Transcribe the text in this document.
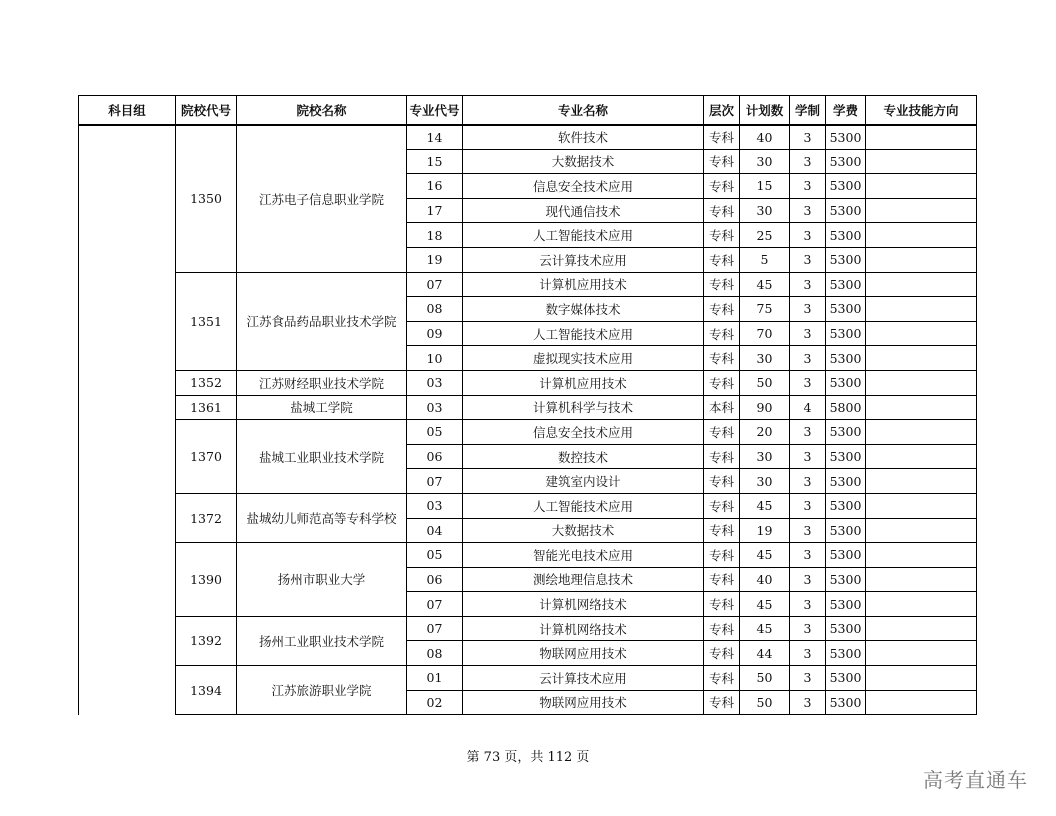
科目组	院校代号	院校名称	专业代号	专业名称	层次	计划数	学制	学费	专业技能方向
	1350	江苏电子信息职业学院	14	软件技术	专科	40	3	5300	
			15	大数据技术	专科	30	3	5300	
			16	信息安全技术应用	专科	15	3	5300	
			17	现代通信技术	专科	30	3	5300	
			18	人工智能技术应用	专科	25	3	5300	
			19	云计算技术应用	专科	5	3	5300	
	1351	江苏食品药品职业技术学院	07	计算机应用技术	专科	45	3	5300	
			08	数字媒体技术	专科	75	3	5300	
			09	人工智能技术应用	专科	70	3	5300	
			10	虚拟现实技术应用	专科	30	3	5300	
	1352	江苏财经职业技术学院	03	计算机应用技术	专科	50	3	5300	
	1361	盐城工学院	03	计算机科学与技术	本科	90	4	5800	
	1370	盐城工业职业技术学院	05	信息安全技术应用	专科	20	3	5300	
			06	数控技术	专科	30	3	5300	
			07	建筑室内设计	专科	30	3	5300	
	1372	盐城幼儿师范高等专科学校	03	人工智能技术应用	专科	45	3	5300	
			04	大数据技术	专科	19	3	5300	
	1390	扬州市职业大学	05	智能光电技术应用	专科	45	3	5300	
			06	测绘地理信息技术	专科	40	3	5300	
			07	计算机网络技术	专科	45	3	5300	
	1392	扬州工业职业技术学院	07	计算机网络技术	专科	45	3	5300	
			08	物联网应用技术	专科	44	3	5300	
	1394	江苏旅游职业学院	01	云计算技术应用	专科	50	3	5300	
			02	物联网应用技术	专科	50	3	5300	
第 73 页，共 112 页
高考直通车
